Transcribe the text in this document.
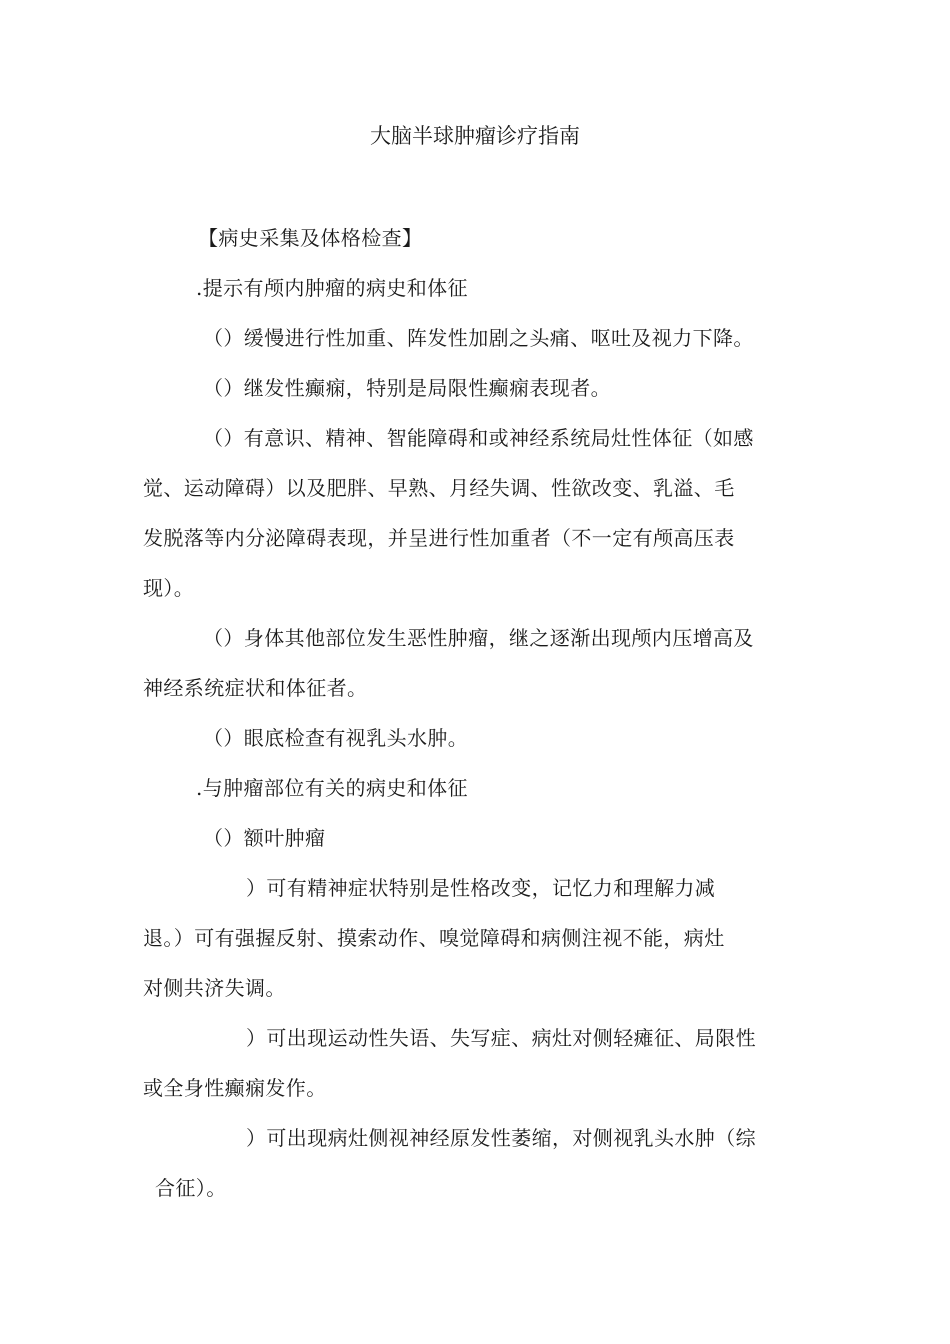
大脑半球肿瘤诊疗指南
【病史采集及体格检查】
.提示有颅内肿瘤的病史和体征
（）缓慢进行性加重、阵发性加剧之头痛、呕吐及视力下降。
（）继发性癫痫，特别是局限性癫痫表现者。
（）有意识、精神、智能障碍和或神经系统局灶性体征（如感
觉、运动障碍）以及肥胖、早熟、月经失调、性欲改变、乳溢、毛
发脱落等内分泌障碍表现，并呈进行性加重者（不一定有颅高压表
现）。
（）身体其他部位发生恶性肿瘤，继之逐渐出现颅内压增高及
神经系统症状和体征者。
（）眼底检查有视乳头水肿。
.与肿瘤部位有关的病史和体征
（）额叶肿瘤
）可有精神症状特别是性格改变，记忆力和理解力减
退。）可有强握反射、摸索动作、嗅觉障碍和病侧注视不能，病灶
对侧共济失调。
）可出现运动性失语、失写症、病灶对侧轻瘫征、局限性
或全身性癫痫发作。
）可出现病灶侧视神经原发性萎缩，对侧视乳头水肿（综
合征）。
